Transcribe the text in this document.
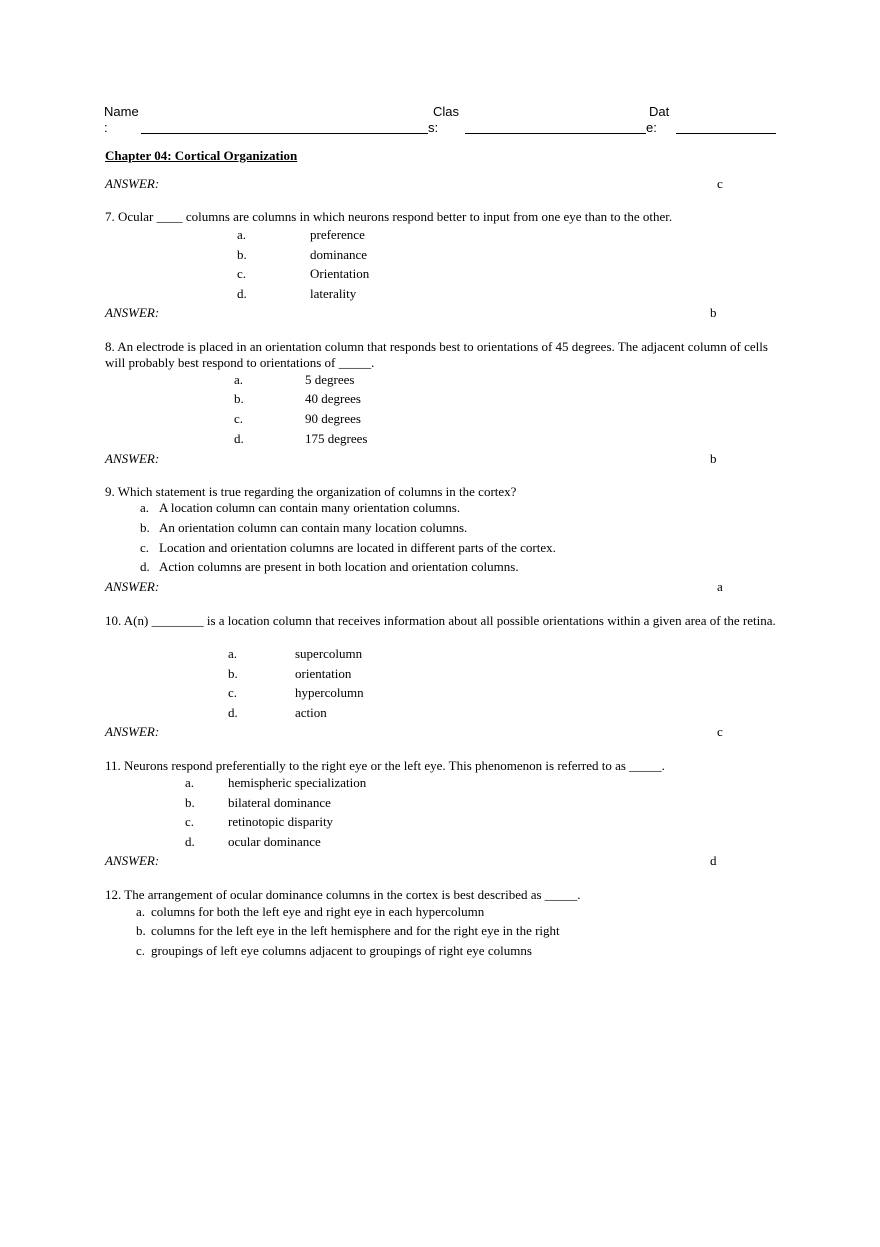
Name
:
Clas
s:
Dat
e:
Chapter 04: Cortical Organization
ANSWER:	c
7. Ocular ____ columns are columns in which neurons respond better to input from one eye than to the other.
a.	preference
b.	dominance
c.	Orientation
d.	laterality
ANSWER:	b
8. An electrode is placed in an orientation column that responds best to orientations of 45 degrees. The adjacent column of cells will probably best respond to orientations of _____.
a.	5 degrees
b.	40 degrees
c.	90 degrees
d.	175 degrees
ANSWER:	b
9. Which statement is true regarding the organization of columns in the cortex?
a. A location column can contain many orientation columns.
b. An orientation column can contain many location columns.
c. Location and orientation columns are located in different parts of the cortex.
d. Action columns are present in both location and orientation columns.
ANSWER:	a
10. A(n) ________ is a location column that receives information about all possible orientations within a given area of the retina.
a.	supercolumn
b.	orientation
c.	hypercolumn
d.	action
ANSWER:	c
11. Neurons respond preferentially to the right eye or the left eye. This phenomenon is referred to as _____.
a.	hemispheric specialization
b.	bilateral dominance
c.	retinotopic disparity
d.	ocular dominance
ANSWER:	d
12. The arrangement of ocular dominance columns in the cortex is best described as _____.
a. columns for both the left eye and right eye in each hypercolumn
b. columns for the left eye in the left hemisphere and for the right eye in the right
c. groupings of left eye columns adjacent to groupings of right eye columns
